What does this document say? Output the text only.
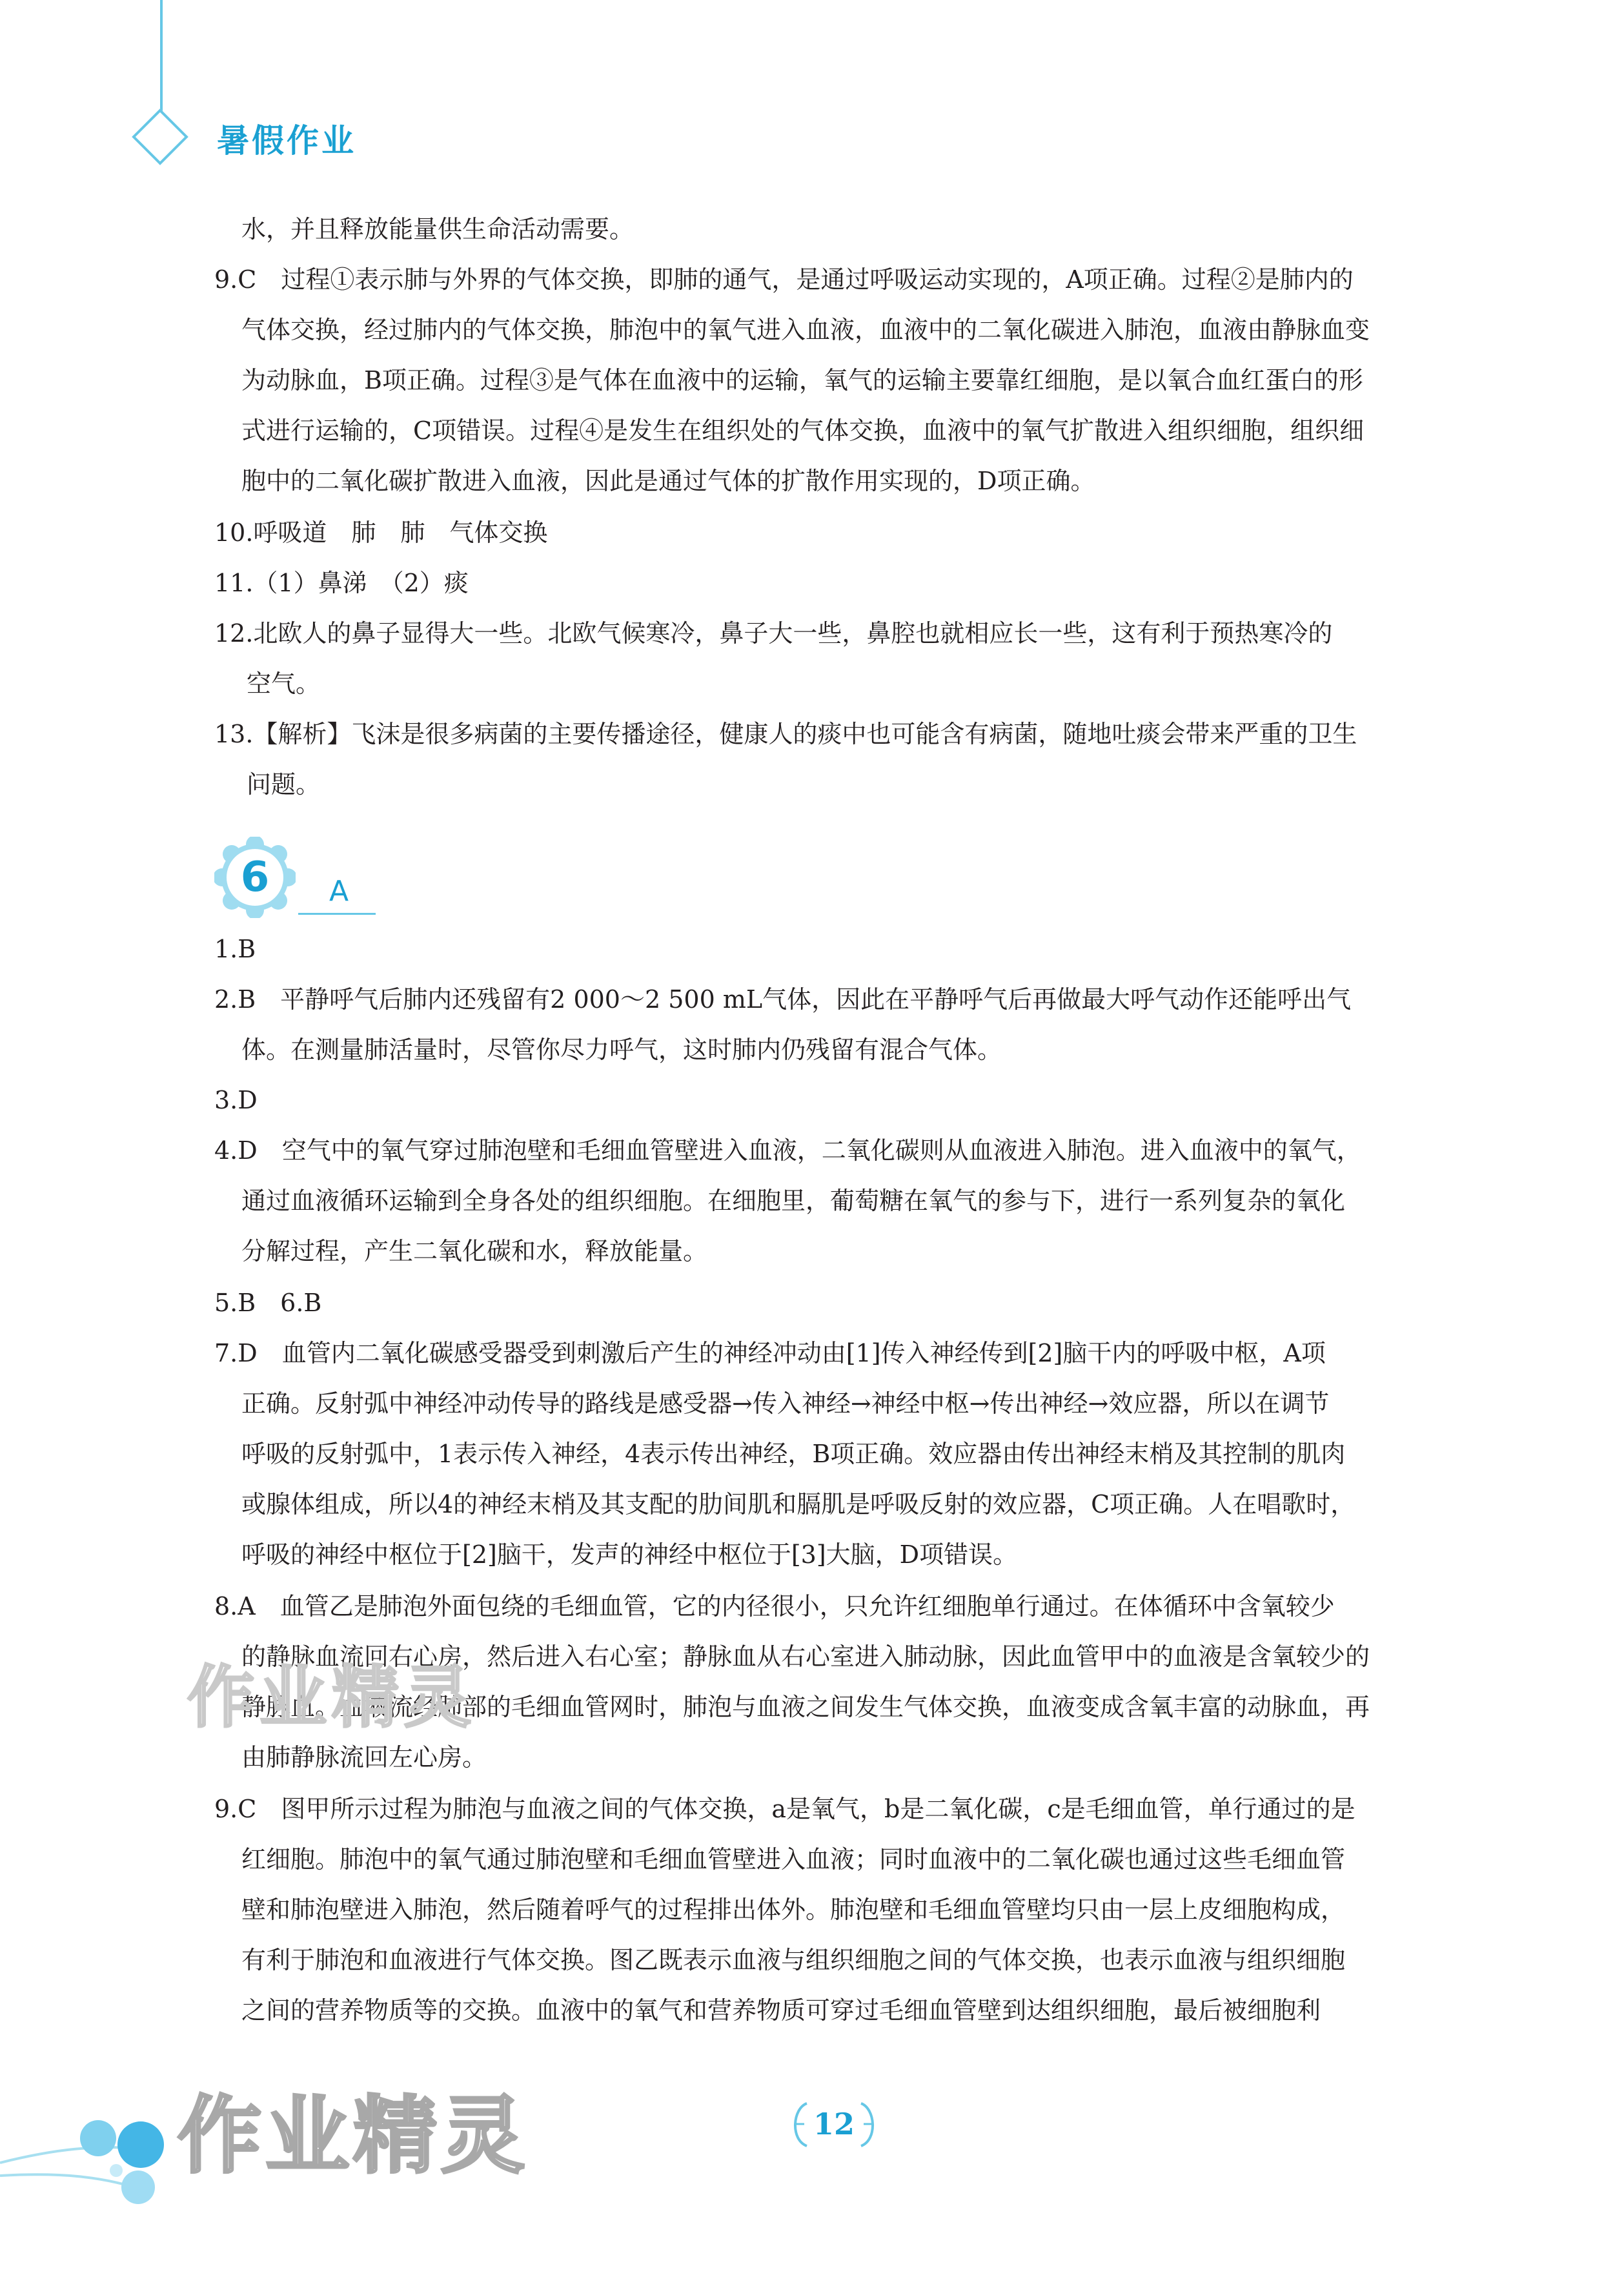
暑假作业
水，并且释放能量供生命活动需要。
9.C　过程①表示肺与外界的气体交换，即肺的通气，是通过呼吸运动实现的，A项正确。过程②是肺内的
气体交换，经过肺内的气体交换，肺泡中的氧气进入血液，血液中的二氧化碳进入肺泡，血液由静脉血变
为动脉血，B项正确。过程③是气体在血液中的运输，氧气的运输主要靠红细胞，是以氧合血红蛋白的形
式进行运输的，C项错误。过程④是发生在组织处的气体交换，血液中的氧气扩散进入组织细胞，组织细
胞中的二氧化碳扩散进入血液，因此是通过气体的扩散作用实现的，D项正确。
10.呼吸道　肺　肺　气体交换
11.（1）鼻涕　（2）痰
12.北欧人的鼻子显得大一些。北欧气候寒冷，鼻子大一些，鼻腔也就相应长一些，这有利于预热寒冷的
空气。
13.【解析】飞沫是很多病菌的主要传播途径，健康人的痰中也可能含有病菌，随地吐痰会带来严重的卫生
问题。
6	A
1.B
2.B　平静呼气后肺内还残留有2 000～2 500 mL气体，因此在平静呼气后再做最大呼气动作还能呼出气
体。在测量肺活量时，尽管你尽力呼气，这时肺内仍残留有混合气体。
3.D
4.D　空气中的氧气穿过肺泡壁和毛细血管壁进入血液，二氧化碳则从血液进入肺泡。进入血液中的氧气，
通过血液循环运输到全身各处的组织细胞。在细胞里，葡萄糖在氧气的参与下，进行一系列复杂的氧化
分解过程，产生二氧化碳和水，释放能量。
5.B　6.B
7.D　血管内二氧化碳感受器受到刺激后产生的神经冲动由[1]传入神经传到[2]脑干内的呼吸中枢，A项
正确。反射弧中神经冲动传导的路线是感受器→传入神经→神经中枢→传出神经→效应器，所以在调节
呼吸的反射弧中，1表示传入神经，4表示传出神经，B项正确。效应器由传出神经末梢及其控制的肌肉
或腺体组成，所以4的神经末梢及其支配的肋间肌和膈肌是呼吸反射的效应器，C项正确。人在唱歌时，
呼吸的神经中枢位于[2]脑干，发声的神经中枢位于[3]大脑，D项错误。
8.A　血管乙是肺泡外面包绕的毛细血管，它的内径很小，只允许红细胞单行通过。在体循环中含氧较少
的静脉血流回右心房，然后进入右心室；静脉血从右心室进入肺动脉，因此血管甲中的血液是含氧较少的
静脉血。血液流经肺部的毛细血管网时，肺泡与血液之间发生气体交换，血液变成含氧丰富的动脉血，再
由肺静脉流回左心房。
9.C　图甲所示过程为肺泡与血液之间的气体交换，a是氧气，b是二氧化碳，c是毛细血管，单行通过的是
红细胞。肺泡中的氧气通过肺泡壁和毛细血管壁进入血液；同时血液中的二氧化碳也通过这些毛细血管
壁和肺泡壁进入肺泡，然后随着呼气的过程排出体外。肺泡壁和毛细血管壁均只由一层上皮细胞构成，
有利于肺泡和血液进行气体交换。图乙既表示血液与组织细胞之间的气体交换，也表示血液与组织细胞
之间的营养物质等的交换。血液中的氧气和营养物质可穿过毛细血管壁到达组织细胞，最后被细胞利
作业精灵
作业精灵	12
